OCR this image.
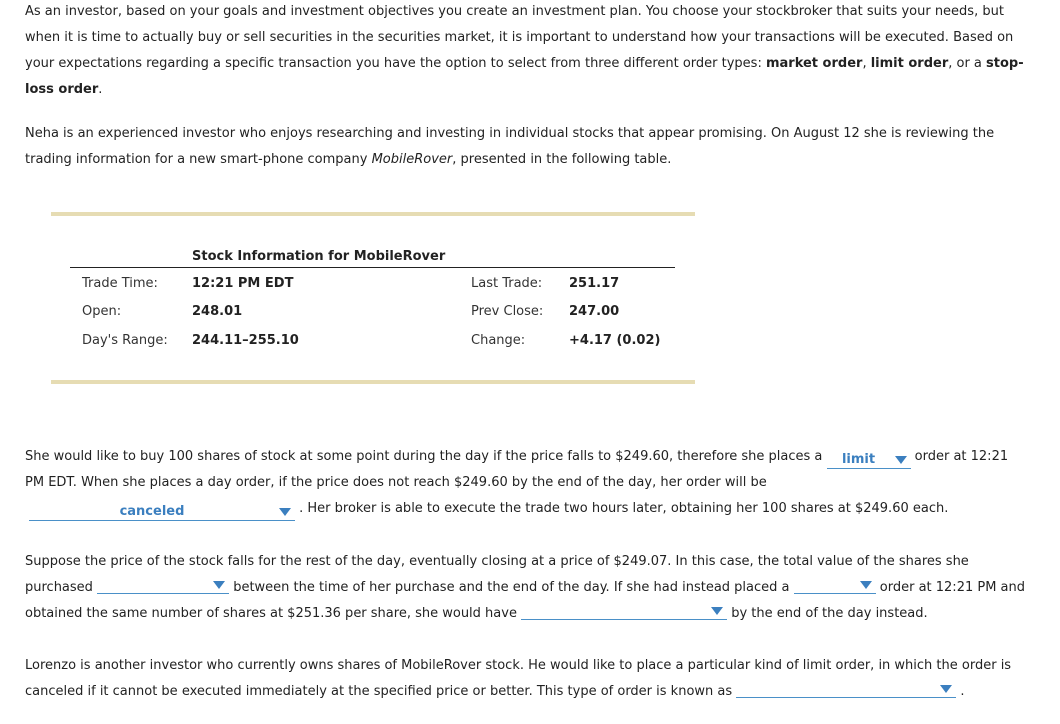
As an investor, based on your goals and investment objectives you create an investment plan. You choose your stockbroker that suits your needs, but when it is time to actually buy or sell securities in the securities market, it is important to understand how your transactions will be executed. Based on your expectations regarding a specific transaction you have the option to select from three different order types: market order, limit order, or a stop-loss order.
Neha is an experienced investor who enjoys researching and investing in individual stocks that appear promising. On August 12 she is reviewing the trading information for a new smart-phone company MobileRover, presented in the following table.
Stock Information for MobileRover
Trade Time:	12:21 PM EDT	Last Trade: 251.17
Open:	248.01	Prev Close: 247.00
Day's Range: 244.11–255.10	Change:	+4.17 (0.02)
She would like to buy 100 shares of stock at some point during the day if the price falls to $249.60, therefore she places a	limit	order at 12:21 PM EDT. When she places a day order, if the price does not reach $249.60 by the end of the day, her order will be
canceled	. Her broker is able to execute the trade two hours later, obtaining her 100 shares at $249.60 each.
Suppose the price of the stock falls for the rest of the day, eventually closing at a price of $249.07. In this case, the total value of the shares she purchased	between the time of her purchase and the end of the day. If she had instead placed a	order at 12:21 PM and obtained the same number of shares at $251.36 per share, she would have	by the end of the day instead.
Lorenzo is another investor who currently owns shares of MobileRover stock. He would like to place a particular kind of limit order, in which the order is canceled if it cannot be executed immediately at the specified price or better. This type of order is known as	.
